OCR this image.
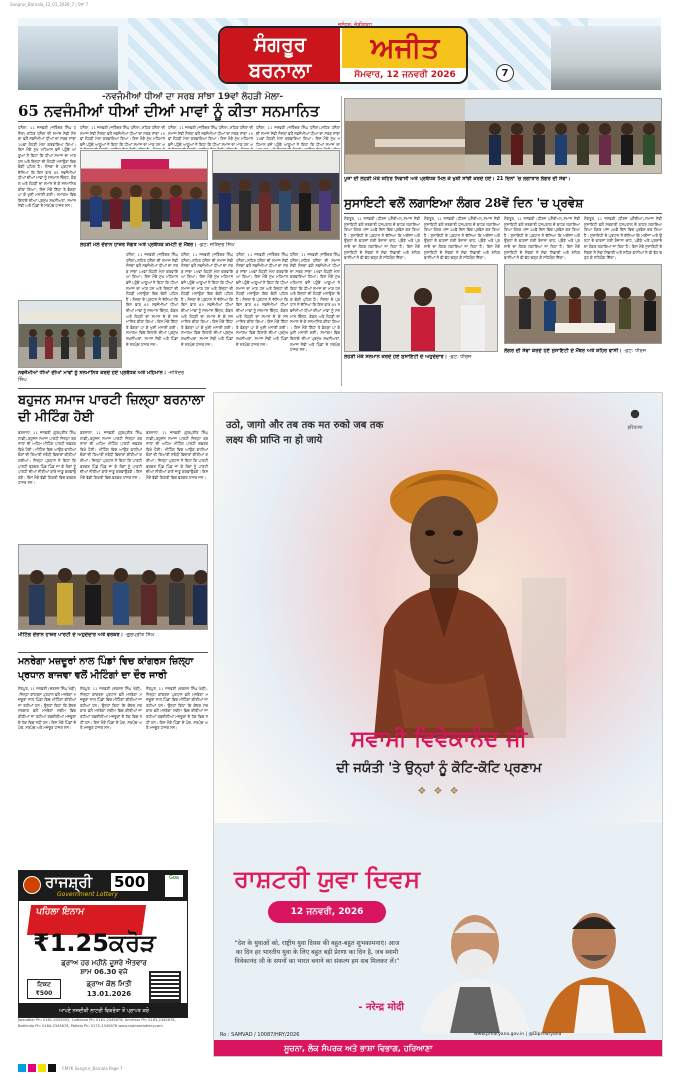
Sangrur_Barnala_12_01_2026_7 | ਪੰਨਾ 7
ਸੰਗਰੂਰ ਬਰਨਾਲਾ
ਅਜੀਤ
ਸੋਮਵਾਰ, 12 ਜਨਵਰੀ 2026
ਜਲੰਧਰ, ਚੰਡੀਗੜ੍ਹ
7
-ਨਵਜੰਮੀਆਂ ਧੀਆਂ ਦਾ ਸਰਬ ਸਾਂਝਾ 19ਵਾਂ ਲੋਹੜੀ ਮੇਲਾ-
65 ਨਵਜੰਮੀਆਂ ਧੀਆਂ ਦੀਆਂ ਮਾਵਾਂ ਨੂੰ ਕੀਤਾ ਸਨਮਾਨਿਤ
ਧਨੌਲਾ, 11 ਜਨਵਰੀ (ਜਤਿੰਦਰ ਸਿੰਘ ਧਨੌਲਾ)-ਸ਼ਹਿਰ ਧਨੌਲਾ ਦੀ ਸਮਾਜ ਸੇਵੀ ਸੰਸਥਾ ਵਲੋਂ ਨਵਜੰਮੀਆਂ ਧੀਆਂ ਦਾ ਸਰਬ ਸਾਂਝਾ 19ਵਾਂ ਲੋਹੜੀ ਮੇਲਾ ਕਰਵਾਇਆ ਗਿਆ। ਇਸ ਮੌਕੇ ਮੁੱਖ ਮਹਿਮਾਨ ਵਜੋਂ ਪਹੁੰਚੇ ਆਗੂਆਂ ਨੇ ਕਿਹਾ ਕਿ ਧੀਆਂ ਸਮਾਜ ਦਾ ਮਾਣ ਹਨ ਅਤੇ ਇਨ੍ਹਾਂ ਦੀ ਲੋਹੜੀ ਮਨਾਉਣਾ ਇਕ ਚੰਗੀ ਪਹਿਲ ਹੈ। ਸੰਸਥਾ ਦੇ ਪ੍ਰਧਾਨ ਨੇ ਦੱਸਿਆ ਕਿ ਇਸ ਵਾਰ 65 ਨਵਜੰਮੀਆਂ ਧੀਆਂ ਦੀਆਂ ਮਾਵਾਂ ਨੂੰ ਸਨਮਾਨ ਚਿੰਨ੍ਹ, ਕੰਬਲ ਅਤੇ ਲੋਹੜੀ ਦਾ ਸਮਾਨ ਦੇ ਕੇ ਸਨਮਾਨਿਤ ਕੀਤਾ ਗਿਆ। ਇਸ ਮੌਕੇ ਗਿੱਧਾ ਤੇ ਭੰਗੜਾ ਪਾ ਕੇ ਖੁਸ਼ੀ ਮਨਾਈ ਗਈ। ਸਮਾਗਮ ਵਿਚ ਇਲਾਕੇ ਦੀਆਂ ਪ੍ਰਮੁੱਖ ਸ਼ਖ਼ਸੀਅਤਾਂ, ਸਮਾਜ ਸੇਵੀ ਅਤੇ ਪਿੰਡਾਂ ਦੇ ਸਰਪੰਚ ਹਾਜ਼ਰ ਸਨ।
ਧਨੌਲਾ, 11 ਜਨਵਰੀ (ਜਤਿੰਦਰ ਸਿੰਘ ਧਨੌਲਾ)-ਸ਼ਹਿਰ ਧਨੌਲਾ ਦੀ ਸਮਾਜ ਸੇਵੀ ਸੰਸਥਾ ਵਲੋਂ ਨਵਜੰਮੀਆਂ ਧੀਆਂ ਦਾ ਸਰਬ ਸਾਂਝਾ 19ਵਾਂ ਲੋਹੜੀ ਮੇਲਾ ਕਰਵਾਇਆ ਗਿਆ। ਇਸ ਮੌਕੇ ਮੁੱਖ ਮਹਿਮਾਨ ਵਜੋਂ ਪਹੁੰਚੇ ਆਗੂਆਂ ਨੇ ਕਿਹਾ ਕਿ ਧੀਆਂ ਸਮਾਜ ਦਾ ਮਾਣ ਹਨ ਅ
ਧਨੌਲਾ, 11 ਜਨਵਰੀ (ਜਤਿੰਦਰ ਸਿੰਘ ਧਨੌਲਾ)-ਸ਼ਹਿਰ ਧਨੌਲਾ ਦੀ ਸਮਾਜ ਸੇਵੀ ਸੰਸਥਾ ਵਲੋਂ ਨਵਜੰਮੀਆਂ ਧੀਆਂ ਦਾ ਸਰਬ ਸਾਂਝਾ 19ਵਾਂ ਲੋਹੜੀ ਮੇਲਾ ਕਰਵਾਇਆ ਗਿਆ। ਇਸ ਮੌਕੇ ਮੁੱਖ ਮਹਿਮਾਨ ਵਜੋਂ ਪਹੁੰਚੇ ਆਗੂਆਂ ਨੇ ਕਿਹਾ ਕਿ ਧੀਆਂ ਸਮਾਜ ਦਾ ਮਾਣ ਹਨ ਅ
ਧਨੌਲਾ, 11 ਜਨਵਰੀ (ਜਤਿੰਦਰ ਸਿੰਘ ਧਨੌਲਾ)-ਸ਼ਹਿਰ ਧਨੌਲਾ ਦੀ ਸਮਾਜ ਸੇਵੀ ਸੰਸਥਾ ਵਲੋਂ ਨਵਜੰਮੀਆਂ ਧੀਆਂ ਦਾ ਸਰਬ ਸਾਂਝਾ 19ਵਾਂ ਲੋਹੜੀ ਮੇਲਾ ਕਰਵਾਇਆ ਗਿਆ। ਇਸ ਮੌਕੇ ਮੁੱਖ ਮਹਿਮਾਨ ਵਜੋਂ ਪਹੁੰਚੇ ਆਗੂਆਂ ਨੇ ਕਿਹਾ ਕਿ ਧੀਆਂ ਸਮਾਜ ਦਾ
ਲੋਹੜੀ ਮੇਲੇ ਦੌਰਾਨ ਹਾਜ਼ਰ ਸੰਗਤ ਅਤੇ ਪ੍ਰਬੰਧਕ ਕਮੇਟੀ ਦੇ ਮੈਂਬਰ। -ਫ਼ੋਟੋ: ਜਤਿੰਦਰ ਸਿੰਘ
ਧਨੌਲਾ, 11 ਜਨਵਰੀ (ਜਤਿੰਦਰ ਸਿੰਘ ਧਨੌਲਾ)-ਸ਼ਹਿਰ ਧਨੌਲਾ ਦੀ ਸਮਾਜ ਸੇਵੀ ਸੰਸਥਾ ਵਲੋਂ ਨਵਜੰਮੀਆਂ ਧੀਆਂ ਦਾ ਸਰਬ ਸਾਂਝਾ 19ਵਾਂ ਲੋਹੜੀ ਮੇਲਾ ਕਰਵਾਇਆ ਗਿਆ। ਇਸ ਮੌਕੇ ਮੁੱਖ ਮਹਿਮਾਨ ਵਜੋਂ ਪਹੁੰਚੇ ਆਗੂਆਂ ਨੇ ਕਿਹਾ ਕਿ ਧੀਆਂ ਸਮਾਜ ਦਾ ਮਾਣ ਹਨ ਅਤੇ ਇਨ੍ਹਾਂ ਦੀ ਲੋਹੜੀ ਮਨਾਉਣਾ ਇਕ ਚੰਗੀ ਪਹਿਲ ਹੈ। ਸੰਸਥਾ ਦੇ ਪ੍ਰਧਾਨ ਨੇ ਦੱਸਿਆ ਕਿ ਇਸ ਵਾਰ 65 ਨਵਜੰਮੀਆਂ ਧੀਆਂ ਦੀਆਂ ਮਾਵਾਂ ਨੂੰ ਸਨਮਾਨ ਚਿੰਨ੍ਹ, ਕੰਬਲ ਅਤੇ ਲੋਹੜੀ ਦਾ ਸਮਾਨ ਦੇ ਕੇ ਸਨਮਾਨਿਤ ਕੀਤਾ ਗਿਆ। ਇਸ ਮੌਕੇ ਗਿੱਧਾ ਤੇ ਭੰਗੜਾ ਪਾ ਕੇ ਖੁਸ਼ੀ ਮਨਾਈ ਗਈ। ਸਮਾਗਮ ਵਿਚ ਇਲਾਕੇ ਦੀਆਂ ਪ੍ਰਮੁੱਖ ਸ਼ਖ਼ਸੀਅਤਾਂ, ਸਮਾਜ ਸੇਵੀ ਅਤੇ ਪਿੰਡਾਂ ਦੇ ਸਰਪੰਚ ਹਾਜ਼ਰ ਸਨ।
ਧਨੌਲਾ, 11 ਜਨਵਰੀ (ਜਤਿੰਦਰ ਸਿੰਘ ਧਨੌਲਾ)-ਸ਼ਹਿਰ ਧਨੌਲਾ ਦੀ ਸਮਾਜ ਸੇਵੀ ਸੰਸਥਾ ਵਲੋਂ ਨਵਜੰਮੀਆਂ ਧੀਆਂ ਦਾ ਸਰਬ ਸਾਂਝਾ 19ਵਾਂ ਲੋਹੜੀ ਮੇਲਾ ਕਰਵਾਇਆ ਗਿਆ। ਇਸ ਮੌਕੇ ਮੁੱਖ ਮਹਿਮਾਨ ਵਜੋਂ ਪਹੁੰਚੇ ਆਗੂਆਂ ਨੇ ਕਿਹਾ ਕਿ ਧੀਆਂ ਸਮਾਜ ਦਾ ਮਾਣ ਹਨ ਅਤੇ ਇਨ੍ਹਾਂ ਦੀ ਲੋਹੜੀ ਮਨਾਉਣਾ ਇਕ ਚੰਗੀ ਪਹਿਲ ਹੈ। ਸੰਸਥਾ ਦੇ ਪ੍ਰਧਾਨ ਨੇ ਦੱਸਿਆ ਕਿ ਇਸ ਵਾਰ 65 ਨਵਜੰਮੀਆਂ ਧੀਆਂ ਦੀਆਂ ਮਾਵਾਂ ਨੂੰ ਸਨਮਾਨ ਚਿੰਨ੍ਹ, ਕੰਬਲ ਅਤੇ ਲੋਹੜੀ ਦਾ ਸਮਾਨ ਦੇ ਕੇ ਸਨਮਾਨਿਤ ਕੀਤਾ ਗਿਆ। ਇਸ ਮੌਕੇ ਗਿੱਧਾ ਤੇ ਭੰਗੜਾ ਪਾ ਕੇ ਖੁਸ਼ੀ ਮਨਾਈ ਗਈ। ਸਮਾਗਮ ਵਿਚ ਇਲਾਕੇ ਦੀਆਂ ਪ੍ਰਮੁੱਖ ਸ਼ਖ਼ਸੀਅਤਾਂ, ਸਮਾਜ ਸੇਵੀ ਅਤੇ ਪਿੰਡਾਂ ਦੇ ਸਰਪੰਚ ਹਾਜ਼ਰ ਸਨ।
ਧਨੌਲਾ, 11 ਜਨਵਰੀ (ਜਤਿੰਦਰ ਸਿੰਘ ਧਨੌਲਾ)-ਸ਼ਹਿਰ ਧਨੌਲਾ ਦੀ ਸਮਾਜ ਸੇਵੀ ਸੰਸਥਾ ਵਲੋਂ ਨਵਜੰਮੀਆਂ ਧੀਆਂ ਦਾ ਸਰਬ ਸਾਂਝਾ 19ਵਾਂ ਲੋਹੜੀ ਮੇਲਾ ਕਰਵਾਇਆ ਗਿਆ। ਇਸ ਮੌਕੇ ਮੁੱਖ ਮਹਿਮਾਨ ਵਜੋਂ ਪਹੁੰਚੇ ਆਗੂਆਂ ਨੇ ਕਿਹਾ ਕਿ ਧੀਆਂ ਸਮਾਜ ਦਾ ਮਾਣ ਹਨ ਅਤੇ ਇਨ੍ਹਾਂ ਦੀ ਲੋਹੜੀ ਮਨਾਉਣਾ ਇਕ ਚੰਗੀ ਪਹਿਲ ਹੈ। ਸੰਸਥਾ ਦੇ ਪ੍ਰਧਾਨ ਨੇ ਦੱਸਿਆ ਕਿ ਇਸ ਵਾਰ 65 ਨਵਜੰਮੀਆਂ ਧੀਆਂ ਦੀਆਂ ਮਾਵਾਂ ਨੂੰ ਸਨਮਾਨ ਚਿੰਨ੍ਹ, ਕੰਬਲ ਅਤੇ ਲੋਹੜੀ ਦਾ ਸਮਾਨ ਦੇ ਕੇ ਸਨਮਾਨਿਤ ਕੀਤਾ ਗਿਆ। ਇਸ ਮੌਕੇ ਗਿੱਧਾ ਤੇ ਭੰਗੜਾ ਪਾ ਕੇ ਖੁਸ਼ੀ ਮਨਾਈ ਗਈ। ਸਮਾਗਮ ਵਿਚ ਇਲਾਕੇ ਦੀਆਂ ਪ੍ਰਮੁੱਖ ਸ਼ਖ਼ਸੀਅਤਾਂ, ਸਮਾਜ ਸੇਵੀ ਅਤੇ ਪਿੰਡਾਂ ਦੇ ਸਰਪੰਚ ਹਾਜ਼ਰ ਸਨ।
ਧਨੌਲਾ, 11 ਜਨਵਰੀ (ਜਤਿੰਦਰ ਸਿੰਘ ਧਨੌਲਾ)-ਸ਼ਹਿਰ ਧਨੌਲਾ ਦੀ ਸਮਾਜ ਸੇਵੀ ਸੰਸਥਾ ਵਲੋਂ ਨਵਜੰਮੀਆਂ ਧੀਆਂ ਦਾ ਸਰਬ ਸਾਂਝਾ 19ਵਾਂ ਲੋਹੜੀ ਮੇਲਾ ਕਰਵਾਇਆ ਗਿਆ। ਇਸ ਮੌਕੇ ਮੁੱਖ ਮਹਿਮਾਨ ਵਜੋਂ ਪਹੁੰਚੇ ਆਗੂਆਂ ਨੇ ਕਿਹਾ ਕਿ ਧੀਆਂ ਸਮਾਜ ਦਾ ਮਾਣ ਹਨ ਅਤੇ ਇਨ੍ਹਾਂ ਦੀ ਲੋਹੜੀ ਮਨਾਉਣਾ ਇਕ ਚੰਗੀ ਪਹਿਲ ਹੈ। ਸੰਸਥਾ ਦੇ ਪ੍ਰਧਾਨ ਨੇ ਦੱਸਿਆ ਕਿ ਇਸ ਵਾਰ 65 ਨਵਜੰਮੀਆਂ ਧੀਆਂ ਦੀਆਂ ਮਾਵਾਂ ਨੂੰ ਸਨਮਾਨ ਚਿੰਨ੍ਹ, ਕੰਬਲ ਅਤੇ ਲੋਹੜੀ ਦਾ ਸਮਾਨ ਦੇ ਕੇ ਸਨਮਾਨਿਤ ਕੀਤਾ ਗਿਆ। ਇਸ ਮੌਕੇ ਗਿੱਧਾ ਤੇ ਭੰਗੜਾ ਪਾ ਕੇ ਖੁਸ਼ੀ ਮਨਾਈ ਗਈ। ਸਮਾਗਮ ਵਿਚ ਇਲਾਕੇ ਦੀਆਂ ਪ੍ਰਮੁੱਖ ਸ਼ਖ਼ਸੀਅਤਾਂ, ਸਮਾਜ ਸੇਵੀ ਅਤੇ ਪਿੰਡਾਂ ਦੇ ਸਰਪੰਚ ਹਾਜ਼ਰ ਸਨ।
ਨਵਜੰਮੀਆਂ ਧੀਆਂ ਦੀਆਂ ਮਾਵਾਂ ਨੂੰ ਸਨਮਾਨਿਤ ਕਰਦੇ ਹੋਏ ਪ੍ਰਬੰਧਕ ਅਤੇ ਮਹਿਮਾਨ। -ਜਤਿੰਦਰ ਸਿੰਘ
ਪੂਜਾ ਦੀ ਲੋਹੜੀ ਮੌਕੇ ਸ਼ਹਿਰ ਨਿਵਾਸੀ ਅਤੇ ਪ੍ਰਬੰਧਕ ਮਿਲ ਕੇ ਖੁਸ਼ੀ ਸਾਂਝੀ ਕਰਦੇ ਹੋਏ। 21 ਦਿਨਾਂ 'ਚ ਲਗਾਤਾਰ ਲੰਗਰ ਦੀ ਸੇਵਾ।
ਸੁਸਾਇਟੀ ਵਲੋਂ ਲਗਾਇਆ ਲੰਗਰ 28ਵੇਂ ਦਿਨ 'ਚ ਪ੍ਰਵੇਸ਼
ਸੰਗਰੂਰ, 11 ਜਨਵਰੀ (ਧੀਰਜ ਪਸ਼ੌਰੀਆ)-ਸਮਾਜ ਸੇਵੀ ਸੁਸਾਇਟੀ ਵਲੋਂ ਸਰਕਾਰੀ ਹਸਪਤਾਲ ਦੇ ਬਾਹਰ ਲਗਾਇਆ ਗਿਆ ਲੰਗਰ ਅੱਜ 28ਵੇਂ ਦਿਨ ਵਿਚ ਪ੍ਰਵੇਸ਼ ਕਰ ਗਿਆ ਹੈ। ਸੁਸਾਇਟੀ ਦੇ ਪ੍ਰਧਾਨ ਨੇ ਦੱਸਿਆ ਕਿ ਮਰੀਜ਼ਾਂ ਅਤੇ ਉਨ੍ਹਾਂ ਦੇ ਵਾਰਸਾਂ ਲਈ ਰੋਜ਼ਾਨਾ ਚਾਹ, ਪਕੌੜੇ ਅਤੇ ਪ੍ਰਸ਼ਾਦੇ ਦਾ ਲੰਗਰ ਲਗਾਇਆ ਜਾ ਰਿਹਾ ਹੈ। ਇਸ ਮੌਕੇ ਸੁਸਾਇਟੀ ਦੇ ਮੈਂਬਰਾਂ ਨੇ ਸੇਵਾ ਨਿਭਾਈ ਅਤੇ ਸ਼ਹਿਰ ਵਾਸੀਆਂ ਨੇ ਵੀ ਵੱਧ ਚੜ੍ਹ ਕੇ ਸਹਿਯੋਗ ਦਿੱਤਾ।
ਸੰਗਰੂਰ, 11 ਜਨਵਰੀ (ਧੀਰਜ ਪਸ਼ੌਰੀਆ)-ਸਮਾਜ ਸੇਵੀ ਸੁਸਾਇਟੀ ਵਲੋਂ ਸਰਕਾਰੀ ਹਸਪਤਾਲ ਦੇ ਬਾਹਰ ਲਗਾਇਆ ਗਿਆ ਲੰਗਰ ਅੱਜ 28ਵੇਂ ਦਿਨ ਵਿਚ ਪ੍ਰਵੇਸ਼ ਕਰ ਗਿਆ ਹੈ। ਸੁਸਾਇਟੀ ਦੇ ਪ੍ਰਧਾਨ ਨੇ ਦੱਸਿਆ ਕਿ ਮਰੀਜ਼ਾਂ ਅਤੇ ਉਨ੍ਹਾਂ ਦੇ ਵਾਰਸਾਂ ਲਈ ਰੋਜ਼ਾਨਾ ਚਾਹ, ਪਕੌੜੇ ਅਤੇ ਪ੍ਰਸ਼ਾਦੇ ਦਾ ਲੰਗਰ ਲਗਾਇਆ ਜਾ ਰਿਹਾ ਹੈ। ਇਸ ਮੌਕੇ ਸੁਸਾਇਟੀ ਦੇ ਮੈਂਬਰਾਂ ਨੇ ਸੇਵਾ ਨਿਭਾਈ ਅਤੇ ਸ਼ਹਿਰ ਵਾਸੀਆਂ ਨੇ ਵੀ ਵੱਧ ਚੜ੍ਹ ਕੇ ਸਹਿਯੋਗ ਦਿੱਤਾ।
ਸੰਗਰੂਰ, 11 ਜਨਵਰੀ (ਧੀਰਜ ਪਸ਼ੌਰੀਆ)-ਸਮਾਜ ਸੇਵੀ ਸੁਸਾਇਟੀ ਵਲੋਂ ਸਰਕਾਰੀ ਹਸਪਤਾਲ ਦੇ ਬਾਹਰ ਲਗਾਇਆ ਗਿਆ ਲੰਗਰ ਅੱਜ 28ਵੇਂ ਦਿਨ ਵਿਚ ਪ੍ਰਵੇਸ਼ ਕਰ ਗਿਆ ਹੈ। ਸੁਸਾਇਟੀ ਦੇ ਪ੍ਰਧਾਨ ਨੇ ਦੱਸਿਆ ਕਿ ਮਰੀਜ਼ਾਂ ਅਤੇ ਉਨ੍ਹਾਂ ਦੇ ਵਾਰਸਾਂ ਲਈ ਰੋਜ਼ਾਨਾ ਚਾਹ, ਪਕੌੜੇ ਅਤੇ ਪ੍ਰਸ਼ਾਦੇ ਦਾ ਲੰਗਰ ਲਗਾਇਆ ਜਾ ਰਿਹਾ ਹੈ। ਇਸ ਮੌਕੇ ਸੁਸਾਇਟੀ ਦੇ ਮੈਂਬਰਾਂ ਨੇ ਸੇਵਾ ਨਿਭਾਈ ਅਤੇ ਸ਼ਹਿਰ ਵਾਸੀਆਂ ਨੇ ਵੀ ਵੱਧ ਚੜ੍ਹ ਕੇ ਸਹਿਯੋਗ ਦਿੱਤਾ।
ਸੰਗਰੂਰ, 11 ਜਨਵਰੀ (ਧੀਰਜ ਪਸ਼ੌਰੀਆ)-ਸਮਾਜ ਸੇਵੀ ਸੁਸਾਇਟੀ ਵਲੋਂ ਸਰਕਾਰੀ ਹਸਪਤਾਲ ਦੇ ਬਾਹਰ ਲਗਾਇਆ ਗਿਆ ਲੰਗਰ ਅੱਜ 28ਵੇਂ ਦਿਨ ਵਿਚ ਪ੍ਰਵੇਸ਼ ਕਰ ਗਿਆ ਹੈ। ਸੁਸਾਇਟੀ ਦੇ ਪ੍ਰਧਾਨ ਨੇ ਦੱਸਿਆ ਕਿ ਮਰੀਜ਼ਾਂ ਅਤੇ ਉਨ੍ਹਾਂ ਦੇ ਵਾਰਸਾਂ ਲਈ ਰੋਜ਼ਾਨਾ ਚਾਹ, ਪਕੌੜੇ ਅਤੇ ਪ੍ਰਸ਼ਾਦੇ ਦਾ ਲੰਗਰ ਲਗਾਇਆ ਜਾ ਰਿਹਾ ਹੈ। ਇਸ ਮੌਕੇ ਸੁਸਾਇਟੀ ਦੇ ਮੈਂਬਰਾਂ ਨੇ ਸੇਵਾ ਨਿਭਾਈ ਅਤੇ ਸ਼ਹਿਰ ਵਾਸੀਆਂ ਨੇ ਵੀ ਵੱਧ ਚੜ੍ਹ ਕੇ ਸਹਿਯੋਗ ਦਿੱਤਾ।
ਲੋਹੜੀ ਮੌਕੇ ਸਨਮਾਨ ਕਰਦੇ ਹੋਏ ਸੁਸਾਇਟੀ ਦੇ ਅਹੁਦੇਦਾਰ। -ਫ਼ੋਟੋ: ਧੀਰਜ
ਲੰਗਰ ਦੀ ਸੇਵਾ ਕਰਦੇ ਹੋਏ ਸੁਸਾਇਟੀ ਦੇ ਮੈਂਬਰ ਅਤੇ ਸ਼ਹਿਰ ਵਾਸੀ। -ਫ਼ੋਟੋ: ਧੀਰਜ
ਬਹੁਜਨ ਸਮਾਜ ਪਾਰਟੀ ਜ਼ਿਲ੍ਹਾ ਬਰਨਾਲਾ ਦੀ ਮੀਟਿੰਗ ਹੋਈ
ਬਰਨਾਲਾ, 11 ਜਨਵਰੀ (ਗੁਰਪ੍ਰੀਤ ਸਿੰਘ ਲਾਡੀ)-ਬਹੁਜਨ ਸਮਾਜ ਪਾਰਟੀ ਜ਼ਿਲ੍ਹਾ ਬਰਨਾਲਾ ਦੀ ਅਹਿਮ ਮੀਟਿੰਗ ਪਾਰਟੀ ਦਫ਼ਤਰ ਵਿਖੇ ਹੋਈ। ਮੀਟਿੰਗ ਵਿਚ ਆਉਣ ਵਾਲੀਆਂ ਚੋਣਾਂ ਦੀ ਤਿਆਰੀ ਸਬੰਧੀ ਵਿਚਾਰਾਂ ਕੀਤੀਆਂ ਗਈਆਂ। ਜ਼ਿਲ੍ਹਾ ਪ੍ਰਧਾਨ ਨੇ ਕਿਹਾ ਕਿ ਪਾਰਟੀ ਵਰਕਰ ਪਿੰਡ ਪਿੰਡ ਜਾ ਕੇ ਲੋਕਾਂ ਨੂੰ ਪਾਰਟੀ ਦੀਆਂ ਨੀਤੀਆਂ ਬਾਰੇ ਜਾਣੂ ਕਰਵਾਉਣਗੇ। ਇਸ ਮੌਕੇ ਵੱਡੀ ਗਿਣਤੀ ਵਿਚ ਵਰਕਰ ਹਾਜ਼ਰ ਸਨ।
ਬਰਨਾਲਾ, 11 ਜਨਵਰੀ (ਗੁਰਪ੍ਰੀਤ ਸਿੰਘ ਲਾਡੀ)-ਬਹੁਜਨ ਸਮਾਜ ਪਾਰਟੀ ਜ਼ਿਲ੍ਹਾ ਬਰਨਾਲਾ ਦੀ ਅਹਿਮ ਮੀਟਿੰਗ ਪਾਰਟੀ ਦਫ਼ਤਰ ਵਿਖੇ ਹੋਈ। ਮੀਟਿੰਗ ਵਿਚ ਆਉਣ ਵਾਲੀਆਂ ਚੋਣਾਂ ਦੀ ਤਿਆਰੀ ਸਬੰਧੀ ਵਿਚਾਰਾਂ ਕੀਤੀਆਂ ਗਈਆਂ। ਜ਼ਿਲ੍ਹਾ ਪ੍ਰਧਾਨ ਨੇ ਕਿਹਾ ਕਿ ਪਾਰਟੀ ਵਰਕਰ ਪਿੰਡ ਪਿੰਡ ਜਾ ਕੇ ਲੋਕਾਂ ਨੂੰ ਪਾਰਟੀ ਦੀਆਂ ਨੀਤੀਆਂ ਬਾਰੇ ਜਾਣੂ ਕਰਵਾਉਣਗੇ। ਇਸ ਮੌਕੇ ਵੱਡੀ ਗਿਣਤੀ ਵਿਚ ਵਰਕਰ ਹਾਜ਼ਰ ਸਨ।
ਬਰਨਾਲਾ, 11 ਜਨਵਰੀ (ਗੁਰਪ੍ਰੀਤ ਸਿੰਘ ਲਾਡੀ)-ਬਹੁਜਨ ਸਮਾਜ ਪਾਰਟੀ ਜ਼ਿਲ੍ਹਾ ਬਰਨਾਲਾ ਦੀ ਅਹਿਮ ਮੀਟਿੰਗ ਪਾਰਟੀ ਦਫ਼ਤਰ ਵਿਖੇ ਹੋਈ। ਮੀਟਿੰਗ ਵਿਚ ਆਉਣ ਵਾਲੀਆਂ ਚੋਣਾਂ ਦੀ ਤਿਆਰੀ ਸਬੰਧੀ ਵਿਚਾਰਾਂ ਕੀਤੀਆਂ ਗਈਆਂ। ਜ਼ਿਲ੍ਹਾ ਪ੍ਰਧਾਨ ਨੇ ਕਿਹਾ ਕਿ ਪਾਰਟੀ ਵਰਕਰ ਪਿੰਡ ਪਿੰਡ ਜਾ ਕੇ ਲੋਕਾਂ ਨੂੰ ਪਾਰਟੀ ਦੀਆਂ ਨੀਤੀਆਂ ਬਾਰੇ ਜਾਣੂ ਕਰਵਾਉਣਗੇ। ਇਸ ਮੌਕੇ ਵੱਡੀ ਗਿਣਤੀ ਵਿਚ ਵਰਕਰ ਹਾਜ਼ਰ ਸਨ।
ਮੀਟਿੰਗ ਦੌਰਾਨ ਹਾਜ਼ਰ ਪਾਰਟੀ ਦੇ ਅਹੁਦੇਦਾਰ ਅਤੇ ਵਰਕਰ। -ਗੁਰਪ੍ਰੀਤ ਸਿੰਘ
ਮਨਰੇਗਾ ਮਜ਼ਦੂਰਾਂ ਨਾਲ ਪਿੰਡਾਂ ਵਿਚ ਕਾਂਗਰਸ ਜ਼ਿਲ੍ਹਾ ਪ੍ਰਧਾਨ ਬਾਜਵਾ ਵਲੋਂ ਮੀਟਿੰਗਾਂ ਦਾ ਦੌਰ ਜਾਰੀ
ਸ਼ੇਰਪੁਰ, 11 ਜਨਵਰੀ (ਦਰਸ਼ਨ ਸਿੰਘ ਖੇੜੀ)-ਜ਼ਿਲ੍ਹਾ ਕਾਂਗਰਸ ਪ੍ਰਧਾਨ ਵਲੋਂ ਮਨਰੇਗਾ ਮਜ਼ਦੂਰਾਂ ਨਾਲ ਪਿੰਡਾਂ ਵਿਚ ਮੀਟਿੰਗਾਂ ਕੀਤੀਆਂ ਜਾ ਰਹੀਆਂ ਹਨ। ਉਨ੍ਹਾਂ ਕਿਹਾ ਕਿ ਕੇਂਦਰ ਸਰਕਾਰ ਵਲੋਂ ਮਨਰੇਗਾ ਸਕੀਮ ਵਿਚ ਕੀਤੀਆਂ ਜਾ ਰਹੀਆਂ ਤਬਦੀਲੀਆਂ ਮਜ਼ਦੂਰਾਂ ਦੇ ਹੱਕ ਵਿਚ ਨਹੀਂ ਹਨ। ਇਸ ਮੌਕੇ ਪਿੰਡਾਂ ਦੇ ਪੰਚ, ਸਰਪੰਚ ਅਤੇ ਮਜ਼ਦੂਰ ਹਾਜ਼ਰ ਸਨ।
ਸ਼ੇਰਪੁਰ, 11 ਜਨਵਰੀ (ਦਰਸ਼ਨ ਸਿੰਘ ਖੇੜੀ)-ਜ਼ਿਲ੍ਹਾ ਕਾਂਗਰਸ ਪ੍ਰਧਾਨ ਵਲੋਂ ਮਨਰੇਗਾ ਮਜ਼ਦੂਰਾਂ ਨਾਲ ਪਿੰਡਾਂ ਵਿਚ ਮੀਟਿੰਗਾਂ ਕੀਤੀਆਂ ਜਾ ਰਹੀਆਂ ਹਨ। ਉਨ੍ਹਾਂ ਕਿਹਾ ਕਿ ਕੇਂਦਰ ਸਰਕਾਰ ਵਲੋਂ ਮਨਰੇਗਾ ਸਕੀਮ ਵਿਚ ਕੀਤੀਆਂ ਜਾ ਰਹੀਆਂ ਤਬਦੀਲੀਆਂ ਮਜ਼ਦੂਰਾਂ ਦੇ ਹੱਕ ਵਿਚ ਨਹੀਂ ਹਨ। ਇਸ ਮੌਕੇ ਪਿੰਡਾਂ ਦੇ ਪੰਚ, ਸਰਪੰਚ ਅਤੇ ਮਜ਼ਦੂਰ ਹਾਜ਼ਰ ਸਨ।
ਸ਼ੇਰਪੁਰ, 11 ਜਨਵਰੀ (ਦਰਸ਼ਨ ਸਿੰਘ ਖੇੜੀ)-ਜ਼ਿਲ੍ਹਾ ਕਾਂਗਰਸ ਪ੍ਰਧਾਨ ਵਲੋਂ ਮਨਰੇਗਾ ਮਜ਼ਦੂਰਾਂ ਨਾਲ ਪਿੰਡਾਂ ਵਿਚ ਮੀਟਿੰਗਾਂ ਕੀਤੀਆਂ ਜਾ ਰਹੀਆਂ ਹਨ। ਉਨ੍ਹਾਂ ਕਿਹਾ ਕਿ ਕੇਂਦਰ ਸਰਕਾਰ ਵਲੋਂ ਮਨਰੇਗਾ ਸਕੀਮ ਵਿਚ ਕੀਤੀਆਂ ਜਾ ਰਹੀਆਂ ਤਬਦੀਲੀਆਂ ਮਜ਼ਦੂਰਾਂ ਦੇ ਹੱਕ ਵਿਚ ਨਹੀਂ ਹਨ। ਇਸ ਮੌਕੇ ਪਿੰਡਾਂ ਦੇ ਪੰਚ, ਸਰਪੰਚ ਅਤੇ ਮਜ਼ਦੂਰ ਹਾਜ਼ਰ ਸਨ।
ਰਾਜਸ਼੍ਰੀ 500
Government Lottery
Goa
ਪਹਿਲਾ ਇਨਾਮ
₹1.25ਕਰੋੜ
ਡ੍ਰਾਅ ਹਰ ਮਹੀਨੇ ਦੂਸਰੇ ਐਤਵਾਰ
ਸ਼ਾਮ 06.30 ਵਜੇ
ਟਿਕਟ
₹500
ਡ੍ਰਾਅ ਕੋਲ ਮਿਤੀ
13.01.2026
ਆਪਣੇ ਨਜ਼ਦੀਕੀ ਲਾਟਰੀ ਵਿਕਰੇਤਾ ਤੋਂ ਪ੍ਰਾਪਤ ਕਰੋ
Jalandhar Ph: 0181-5055055, Ludhiana Ph: 0161-2345678, Amritsar Ph: 0183-2345678, Bathinda Ph: 0164-2345678, Patiala Ph: 0175-2345678 www.rajshreelottery.com
उठो, जागो और तब तक मत रुको जब तक लक्ष्य की प्राप्ति ना हो जाये
हरियाणा
ਸਵਾਮੀ ਵਿਵੇਕਾਨੰਦ ਜੀ
ਦੀ ਜਯੰਤੀ 'ਤੇ ਉਨ੍ਹਾਂ ਨੂੰ ਕੋਟਿ-ਕੋਟਿ ਪ੍ਰਣਾਮ
❖ ❖ ❖
ਰਾਸ਼ਟਰੀ ਯੁਵਾ ਦਿਵਸ
12 ਜਨਵਰੀ, 2026
“देश के युवाओं को, राष्ट्रीय युवा दिवस की बहुत-बहुत शुभकामनाएं। आज का दिन हर भारतीय युवा के लिए बहुत बड़ी प्रेरणा का दिन है, जब स्वामी विवेकानंद जी के सपनों का भारत बनाने का संकल्प हम सब मिलकर लें।”
- नरेन्द्र मोदी
Ro : SAMVAD / 10087/HRY/2026	www.prharyana.gov.in | @DiprHaryana
ਸੂਚਨਾ, ਲੋਕ ਸੰਪਰਕ ਅਤੇ ਭਾਸ਼ਾ ਵਿਭਾਗ, ਹਰਿਆਣਾ
CMYK Sangrur_Barnala Page 7
